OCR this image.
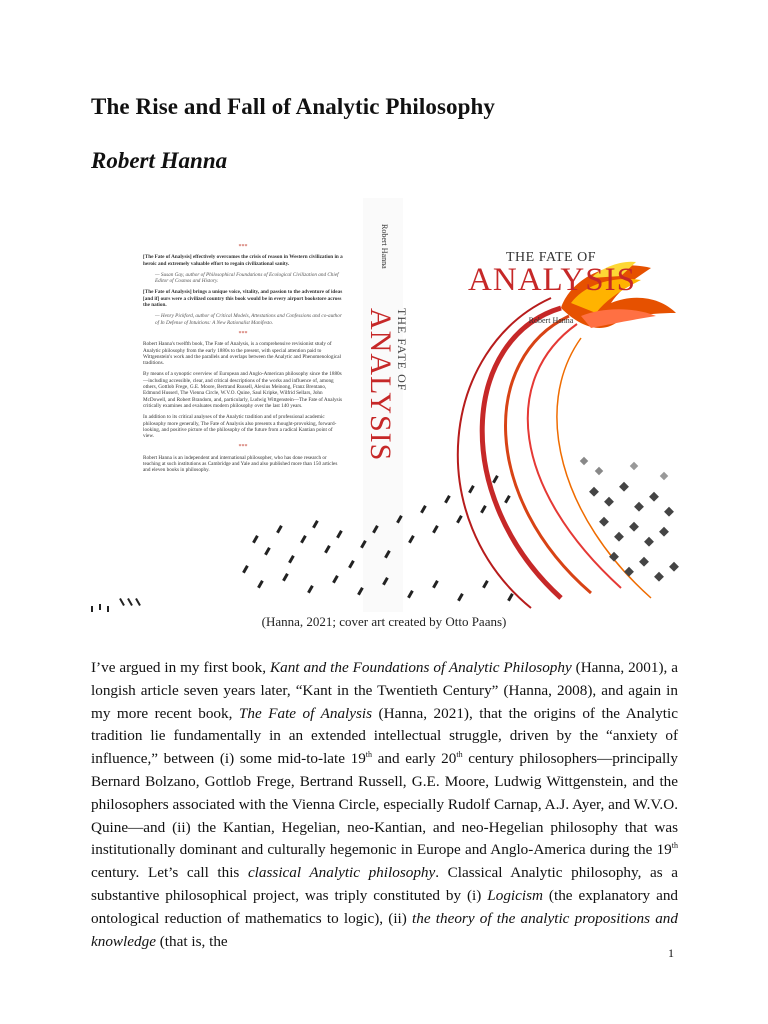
The Rise and Fall of Analytic Philosophy
Robert Hanna
***

[The Fate of Analysis] effectively overcomes the crisis of reason in Western civilization in a heroic and extremely valuable effort to regain civilizational sanity.

— Susan Gay, author of Philosophical Foundations of Ecological Civilization and Chief Editor of Cosmos and History.

[The Fate of Analysis] brings a unique voice, vitality, and passion to the adventure of ideas [and if] ours were a civilized country this book would be in every airport bookstore across the nation.

— Henry Pickford, author of Critical Models, Attestations and Confessions and co-author of In Defense of Intuitions: A New Rationalist Manifesto.

***

Robert Hanna's twelfth book, The Fate of Analysis, is a comprehensive revisionist study of Analytic philosophy from the early 1880s to the present, with special attention paid to Wittgenstein's work and the parallels and overlaps between the Analytic and Phenomenological traditions.

By means of a synoptic overview of European and Anglo-American philosophy since the 1880s—including accessible, clear, and critical descriptions of the works and influence of, among others, Gottlob Frege, G.E. Moore, Bertrand Russell, Alexius Meinong, Franz Brentano, Edmund Husserl, The Vienna Circle, W.V.O. Quine, Saul Kripke, Wilfrid Sellars, John McDowell, and Robert Brandom, and, particularly, Ludwig Wittgenstein—The Fate of Analysis critically examines and evaluates modern philosophy over the last 140 years.

In addition to its critical analyses of the Analytic tradition and of professional academic philosophy more generally, The Fate of Analysis also presents a thought-provoking, forward-looking, and positive picture of the philosophy of the future from a radical Kantian point of view.

***

Robert Hanna is an independent and international philosopher, who has done research or teaching at such institutions as Cambridge and Yale and also published more than 150 articles and eleven books in philosophy.

Robert Hanna
ANALYSIS
THE FATE OF
THE FATE OF
ANALYSIS
Robert Hanna
(Hanna, 2021; cover art created by Otto Paans)

I’ve argued in my first book, Kant and the Foundations of Analytic Philosophy (Hanna, 2001), a longish article seven years later, “Kant in the Twentieth Century” (Hanna, 2008), and again in my more recent book, The Fate of Analysis (Hanna, 2021), that the origins of the Analytic tradition lie fundamentally in an extended intellectual struggle, driven by the “anxiety of influence,” between (i) some mid-to-late 19th and early 20th century philosophers—principally Bernard Bolzano, Gottlob Frege, Bertrand Russell, G.E. Moore, Ludwig Wittgenstein, and the philosophers associated with the Vienna Circle, especially Rudolf Carnap, A.J. Ayer, and W.V.O. Quine—and (ii) the Kantian, Hegelian, neo-Kantian, and neo-Hegelian philosophy that was institutionally dominant and culturally hegemonic in Europe and Anglo-America during the 19th century. Let’s call this classical Analytic philosophy. Classical Analytic philosophy, as a substantive philosophical project, was triply constituted by (i) Logicism (the explanatory and ontological reduction of mathematics to logic), (ii) the theory of the analytic propositions and knowledge (that is, the

1
